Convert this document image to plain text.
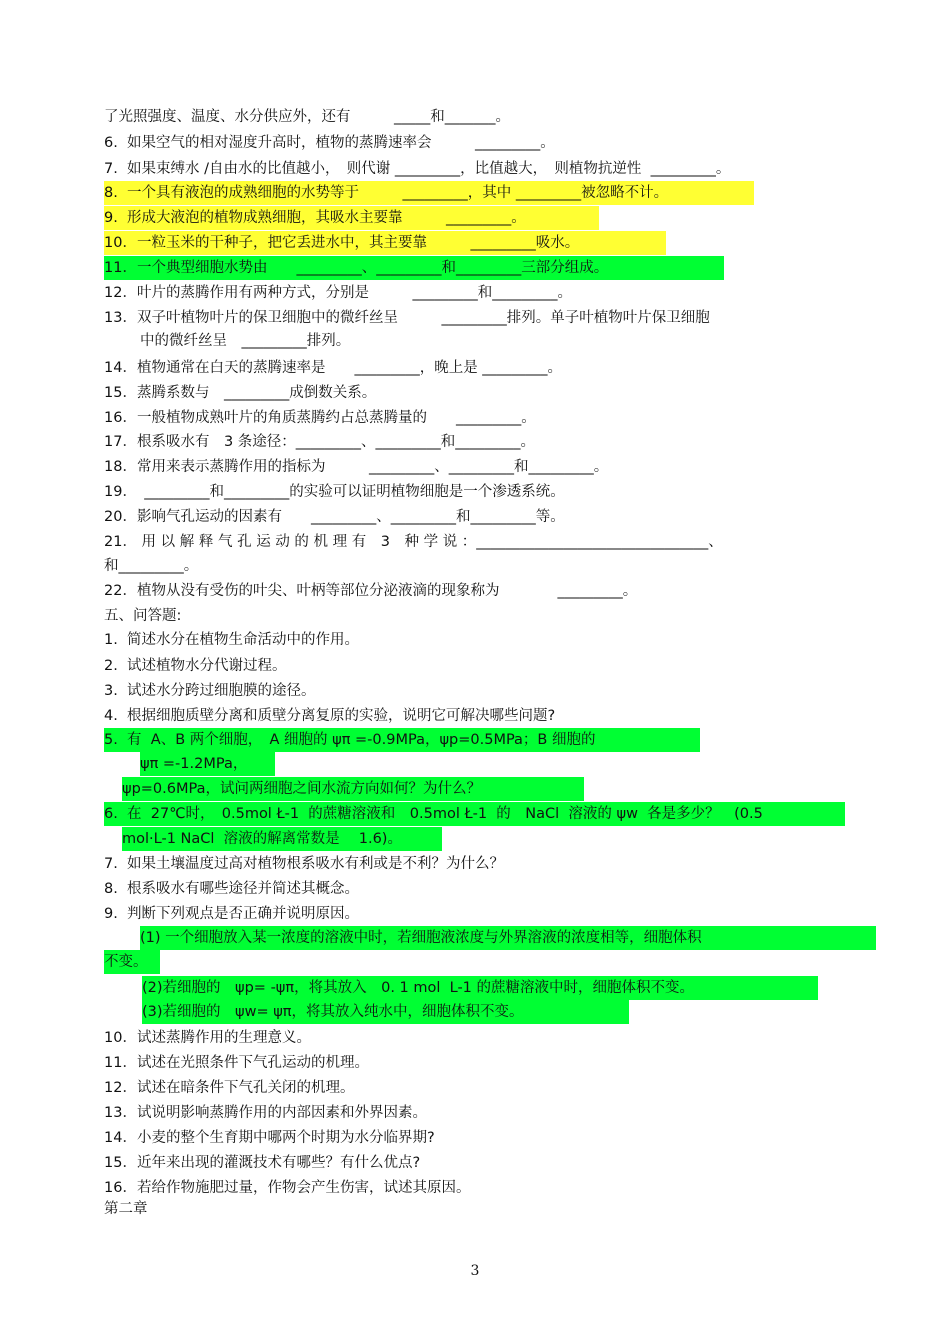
了光照强度、温度、水分供应外，还有　　　_____和_______。
6.  如果空气的相对湿度升高时，植物的蒸腾速率会　　　_________。
7.  如果束缚水 /自由水的比值越小，　则代谢 _________，比值越大，　则植物抗逆性  _________。
8.  一个具有液泡的成熟细胞的水势等于　　　_________，其中 _________被忽略不计。
9.  形成大液泡的植物成熟细胞，其吸水主要靠　　　_________。
10．一粒玉米的干种子，把它丢进水中，其主要靠　　　_________吸水。
11．一个典型细胞水势由　　_________、_________和_________三部分组成。
12．叶片的蒸腾作用有两种方式，分别是　　　_________和_________。
13．双子叶植物叶片的保卫细胞中的微纤丝呈　　　_________排列。单子叶植物叶片保卫细胞
中的微纤丝呈　_________排列。
14．植物通常在白天的蒸腾速率是　　_________，晚上是 _________。
15．蒸腾系数与　_________成倒数关系。
16．一般植物成熟叶片的角质蒸腾约占总蒸腾量的　　_________。
17．根系吸水有　3 条途径：_________、_________和_________。
18．常用来表示蒸腾作用的指标为　　　_________、_________和_________。
19．　_________和_________的实验可以证明植物细胞是一个渗透系统。
20．影响气孔运动的因素有　　_________、_________和_________等。
21． 用 以 解 释 气 孔 运 动 的 机 理 有　3　种 学 说 ：________________________________、
和_________。
22．植物从没有受伤的叶尖、叶柄等部位分泌液滴的现象称为　　　　_________。
五、问答题:
1.  简述水分在植物生命活动中的作用。
2.  试述植物水分代谢过程。
3.  试述水分跨过细胞膜的途径。
4.  根据细胞质壁分离和质壁分离复原的实验，说明它可解决哪些问题?
5.  有  A、B 两个细胞，　A 细胞的 ψπ =-0.9MPa，ψp=0.5MPa；B 细胞的
ψπ =-1.2MPa，
ψp=0.6MPa，试问两细胞之间水流方向如何？为什么？
6.  在  27℃时，　0.5mol Ł-1  的蔗糖溶液和　0.5mol Ł-1  的　NaCl  溶液的 ψw  各是多少？　(0.5
mol·L-1 NaCl  溶液的解离常数是　 1.6)。
7.  如果土壤温度过高对植物根系吸水有利或是不利？为什么？
8.  根系吸水有哪些途径并简述其概念。
9.  判断下列观点是否正确并说明原因。
(1) 一个细胞放入某一浓度的溶液中时，若细胞液浓度与外界溶液的浓度相等，细胞体积
不变。
(2)若细胞的　ψp= -ψπ，将其放入　0. 1 mol  L-1 的蔗糖溶液中时，细胞体积不变。
(3)若细胞的　ψw= ψπ，将其放入纯水中，细胞体积不变。
10．试述蒸腾作用的生理意义。
11．试述在光照条件下气孔运动的机理。
12．试述在暗条件下气孔关闭的机理。
13．试说明影响蒸腾作用的内部因素和外界因素。
14．小麦的整个生育期中哪两个时期为水分临界期?
15．近年来出现的灌溉技术有哪些？有什么优点?
16．若给作物施肥过量，作物会产生伤害，试述其原因。
第二章
3
